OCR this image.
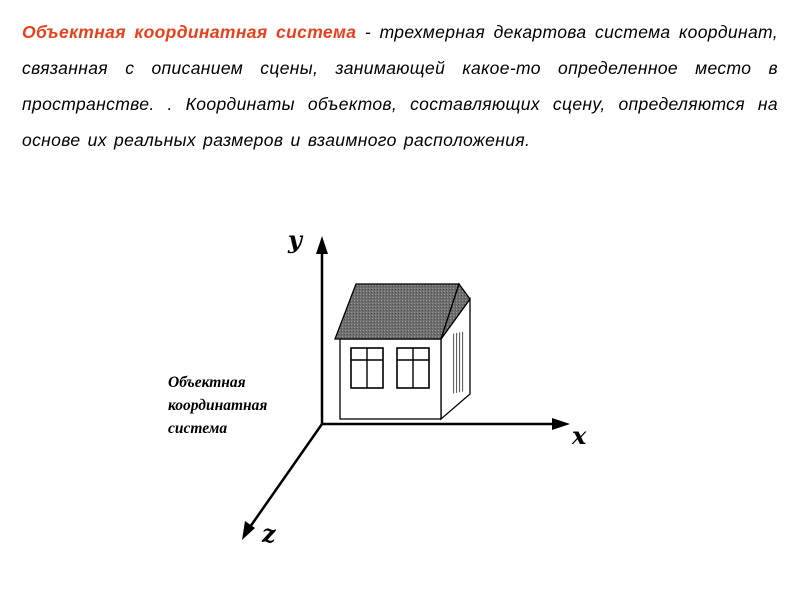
Объектная координатная система - трехмерная декартова система координат, связанная с описанием сцены, занимающей какое-то определенное место в пространстве. . Координаты объектов, составляющих сцену, определяются на основе их реальных размеров и взаимного расположения.

y
x
z
Объектная
координатная
система
